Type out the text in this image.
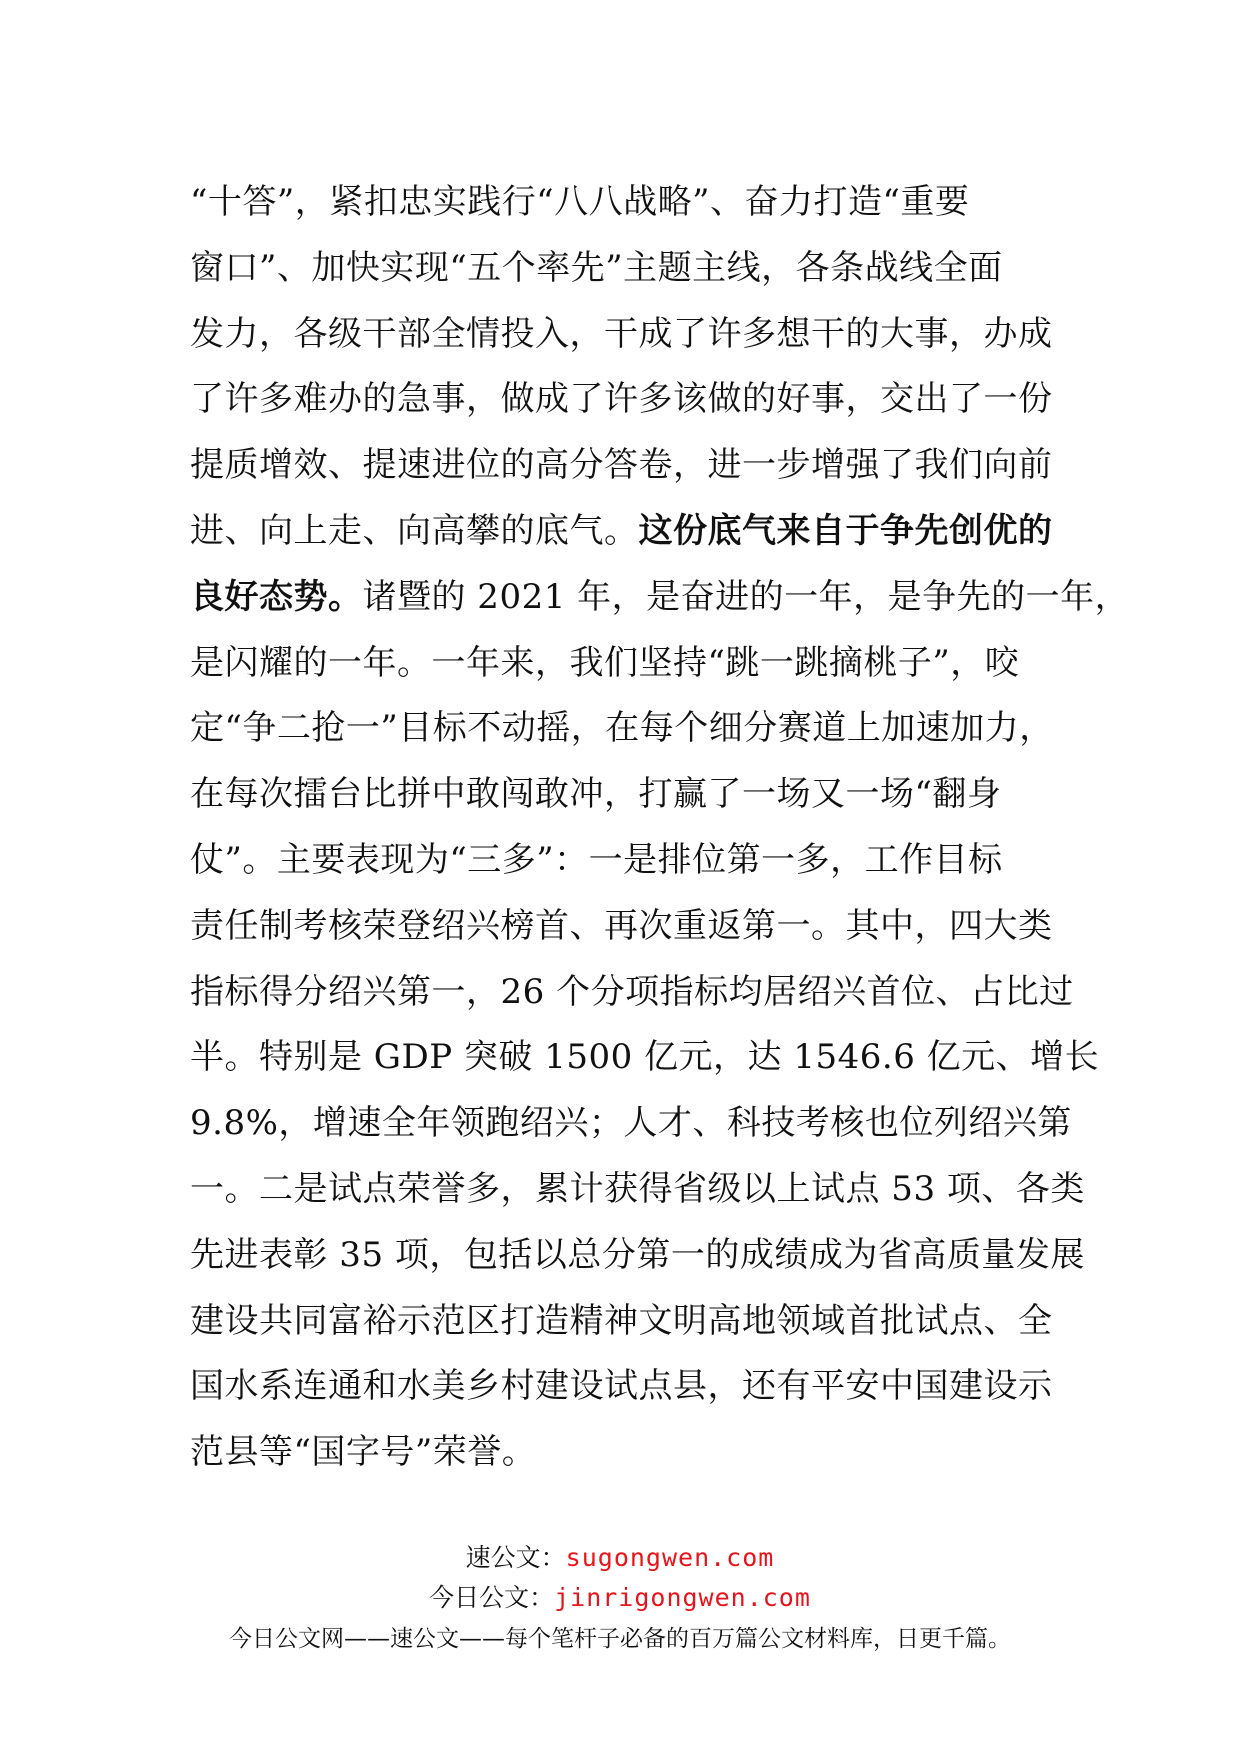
“十答”，紧扣忠实践行“八八战略”、奋力打造“重要
窗口”、加快实现“五个率先”主题主线，各条战线全面
发力，各级干部全情投入，干成了许多想干的大事，办成
了许多难办的急事，做成了许多该做的好事，交出了一份
提质增效、提速进位的高分答卷，进一步增强了我们向前
进、向上走、向高攀的底气。这份底气来自于争先创优的
良好态势。诸暨的 2021 年，是奋进的一年，是争先的一年，
是闪耀的一年。一年来，我们坚持“跳一跳摘桃子”，咬
定“争二抢一”目标不动摇，在每个细分赛道上加速加力，
在每次擂台比拼中敢闯敢冲，打赢了一场又一场“翻身
仗”。主要表现为“三多”：一是排位第一多，工作目标
责任制考核荣登绍兴榜首、再次重返第一。其中，四大类
指标得分绍兴第一，26 个分项指标均居绍兴首位、占比过
半。特别是 GDP 突破 1500 亿元，达 1546.6 亿元、增长
9.8%，增速全年领跑绍兴；人才、科技考核也位列绍兴第
一。二是试点荣誉多，累计获得省级以上试点 53 项、各类
先进表彰 35 项，包括以总分第一的成绩成为省高质量发展
建设共同富裕示范区打造精神文明高地领域首批试点、全
国水系连通和水美乡村建设试点县，还有平安中国建设示
范县等“国字号”荣誉。
速公文：sugongwen.com
今日公文：jinrigongwen.com
今日公文网——速公文——每个笔杆子必备的百万篇公文材料库，日更千篇。
